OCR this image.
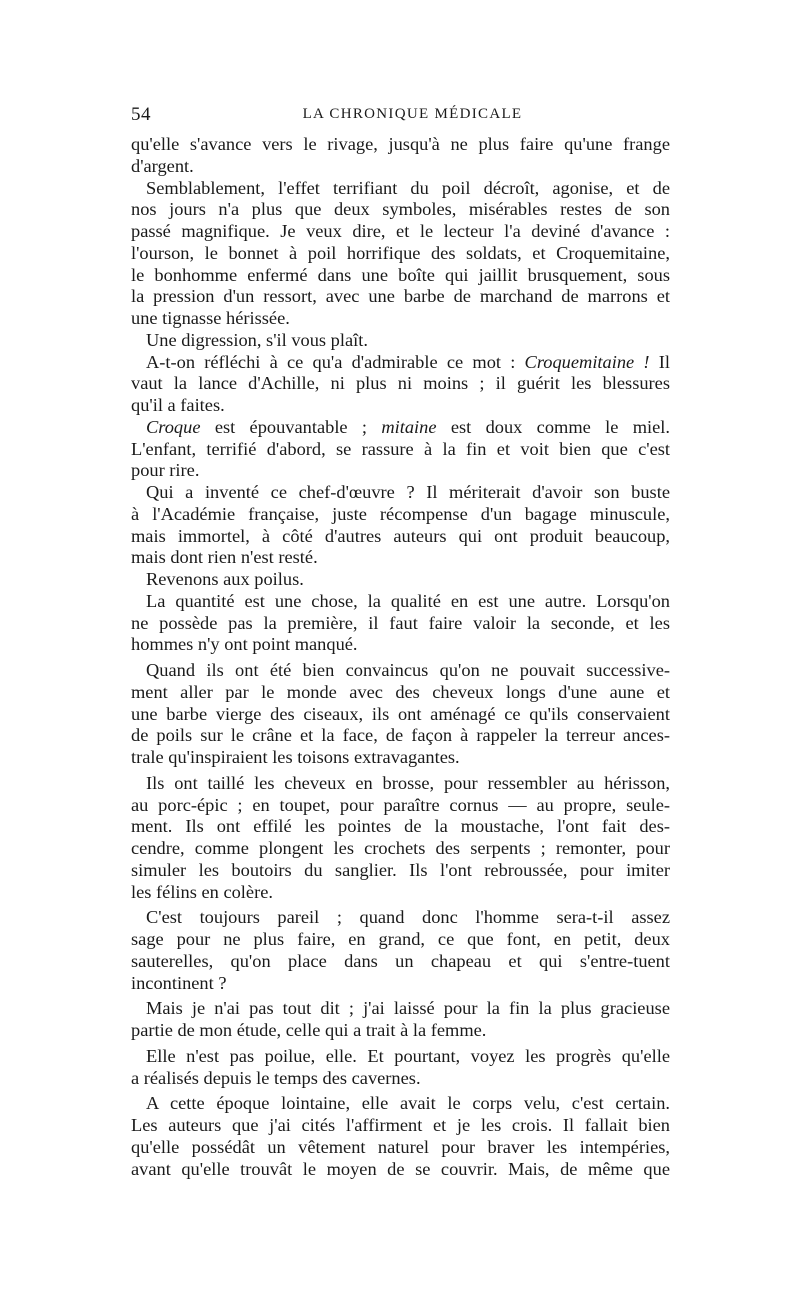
54	LA CHRONIQUE MÉDICALE
qu'elle s'avance vers le rivage, jusqu'à ne plus faire qu'une frange
d'argent.
Semblablement, l'effet terrifiant du poil décroît, agonise, et de
nos jours n'a plus que deux symboles, misérables restes de son
passé magnifique. Je veux dire, et le lecteur l'a deviné d'avance :
l'ourson, le bonnet à poil horrifique des soldats, et Croquemitaine,
le bonhomme enfermé dans une boîte qui jaillit brusquement, sous
la pression d'un ressort, avec une barbe de marchand de marrons et
une tignasse hérissée.
Une digression, s'il vous plaît.
A-t-on réfléchi à ce qu'a d'admirable ce mot : Croquemitaine ! Il
vaut la lance d'Achille, ni plus ni moins ; il guérit les blessures
qu'il a faites.
Croque est épouvantable ; mitaine est doux comme le miel.
L'enfant, terrifié d'abord, se rassure à la fin et voit bien que c'est
pour rire.
Qui a inventé ce chef-d'œuvre ? Il mériterait d'avoir son buste
à l'Académie française, juste récompense d'un bagage minuscule,
mais immortel, à côté d'autres auteurs qui ont produit beaucoup,
mais dont rien n'est resté.
Revenons aux poilus.
La quantité est une chose, la qualité en est une autre. Lorsqu'on
ne possède pas la première, il faut faire valoir la seconde, et les
hommes n'y ont point manqué.
Quand ils ont été bien convaincus qu'on ne pouvait successive-
ment aller par le monde avec des cheveux longs d'une aune et
une barbe vierge des ciseaux, ils ont aménagé ce qu'ils conservaient
de poils sur le crâne et la face, de façon à rappeler la terreur ances-
trale qu'inspiraient les toisons extravagantes.
Ils ont taillé les cheveux en brosse, pour ressembler au hérisson,
au porc-épic ; en toupet, pour paraître cornus — au propre, seule-
ment. Ils ont effilé les pointes de la moustache, l'ont fait des-
cendre, comme plongent les crochets des serpents ; remonter, pour
simuler les boutoirs du sanglier. Ils l'ont rebroussée, pour imiter
les félins en colère.
C'est toujours pareil ; quand donc l'homme sera-t-il assez
sage pour ne plus faire, en grand, ce que font, en petit, deux
sauterelles, qu'on place dans un chapeau et qui s'entre-tuent
incontinent ?
Mais je n'ai pas tout dit ; j'ai laissé pour la fin la plus gracieuse
partie de mon étude, celle qui a trait à la femme.
Elle n'est pas poilue, elle. Et pourtant, voyez les progrès qu'elle
a réalisés depuis le temps des cavernes.
A cette époque lointaine, elle avait le corps velu, c'est certain.
Les auteurs que j'ai cités l'affirment et je les crois. Il fallait bien
qu'elle possédât un vêtement naturel pour braver les intempéries,
avant qu'elle trouvât le moyen de se couvrir. Mais, de même que
